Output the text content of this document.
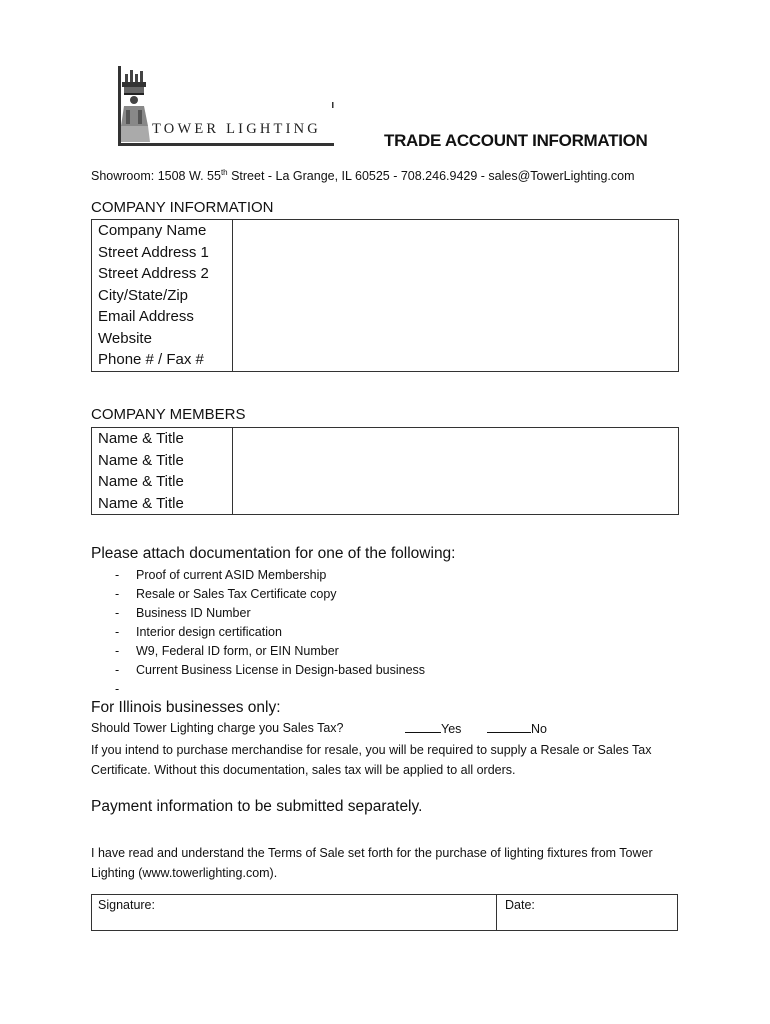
TOWER LIGHTING
TRADE ACCOUNT INFORMATION
Showroom: 1508 W. 55th Street - La Grange, IL 60525 - 708.246.9429 - sales@TowerLighting.com
COMPANY INFORMATION
Company Name	
Street Address 1	
Street Address 2	
City/State/Zip	
Email Address	
Website	
Phone # / Fax #	
COMPANY MEMBERS
Name & Title	
Name & Title	
Name & Title	
Name & Title	
Please attach documentation for one of the following:
- Proof of current ASID Membership
- Resale or Sales Tax Certificate copy
- Business ID Number
- Interior design certification
- W9, Federal ID form, or EIN Number
- Current Business License in Design-based business
-
For Illinois businesses only:
Should Tower Lighting charge you Sales Tax?	Yes	No
If you intend to purchase merchandise for resale, you will be required to supply a Resale or Sales Tax Certificate. Without this documentation, sales tax will be applied to all orders.
Payment information to be submitted separately.
I have read and understand the Terms of Sale set forth for the purchase of lighting fixtures from Tower Lighting (www.towerlighting.com).
Signature:	Date:
